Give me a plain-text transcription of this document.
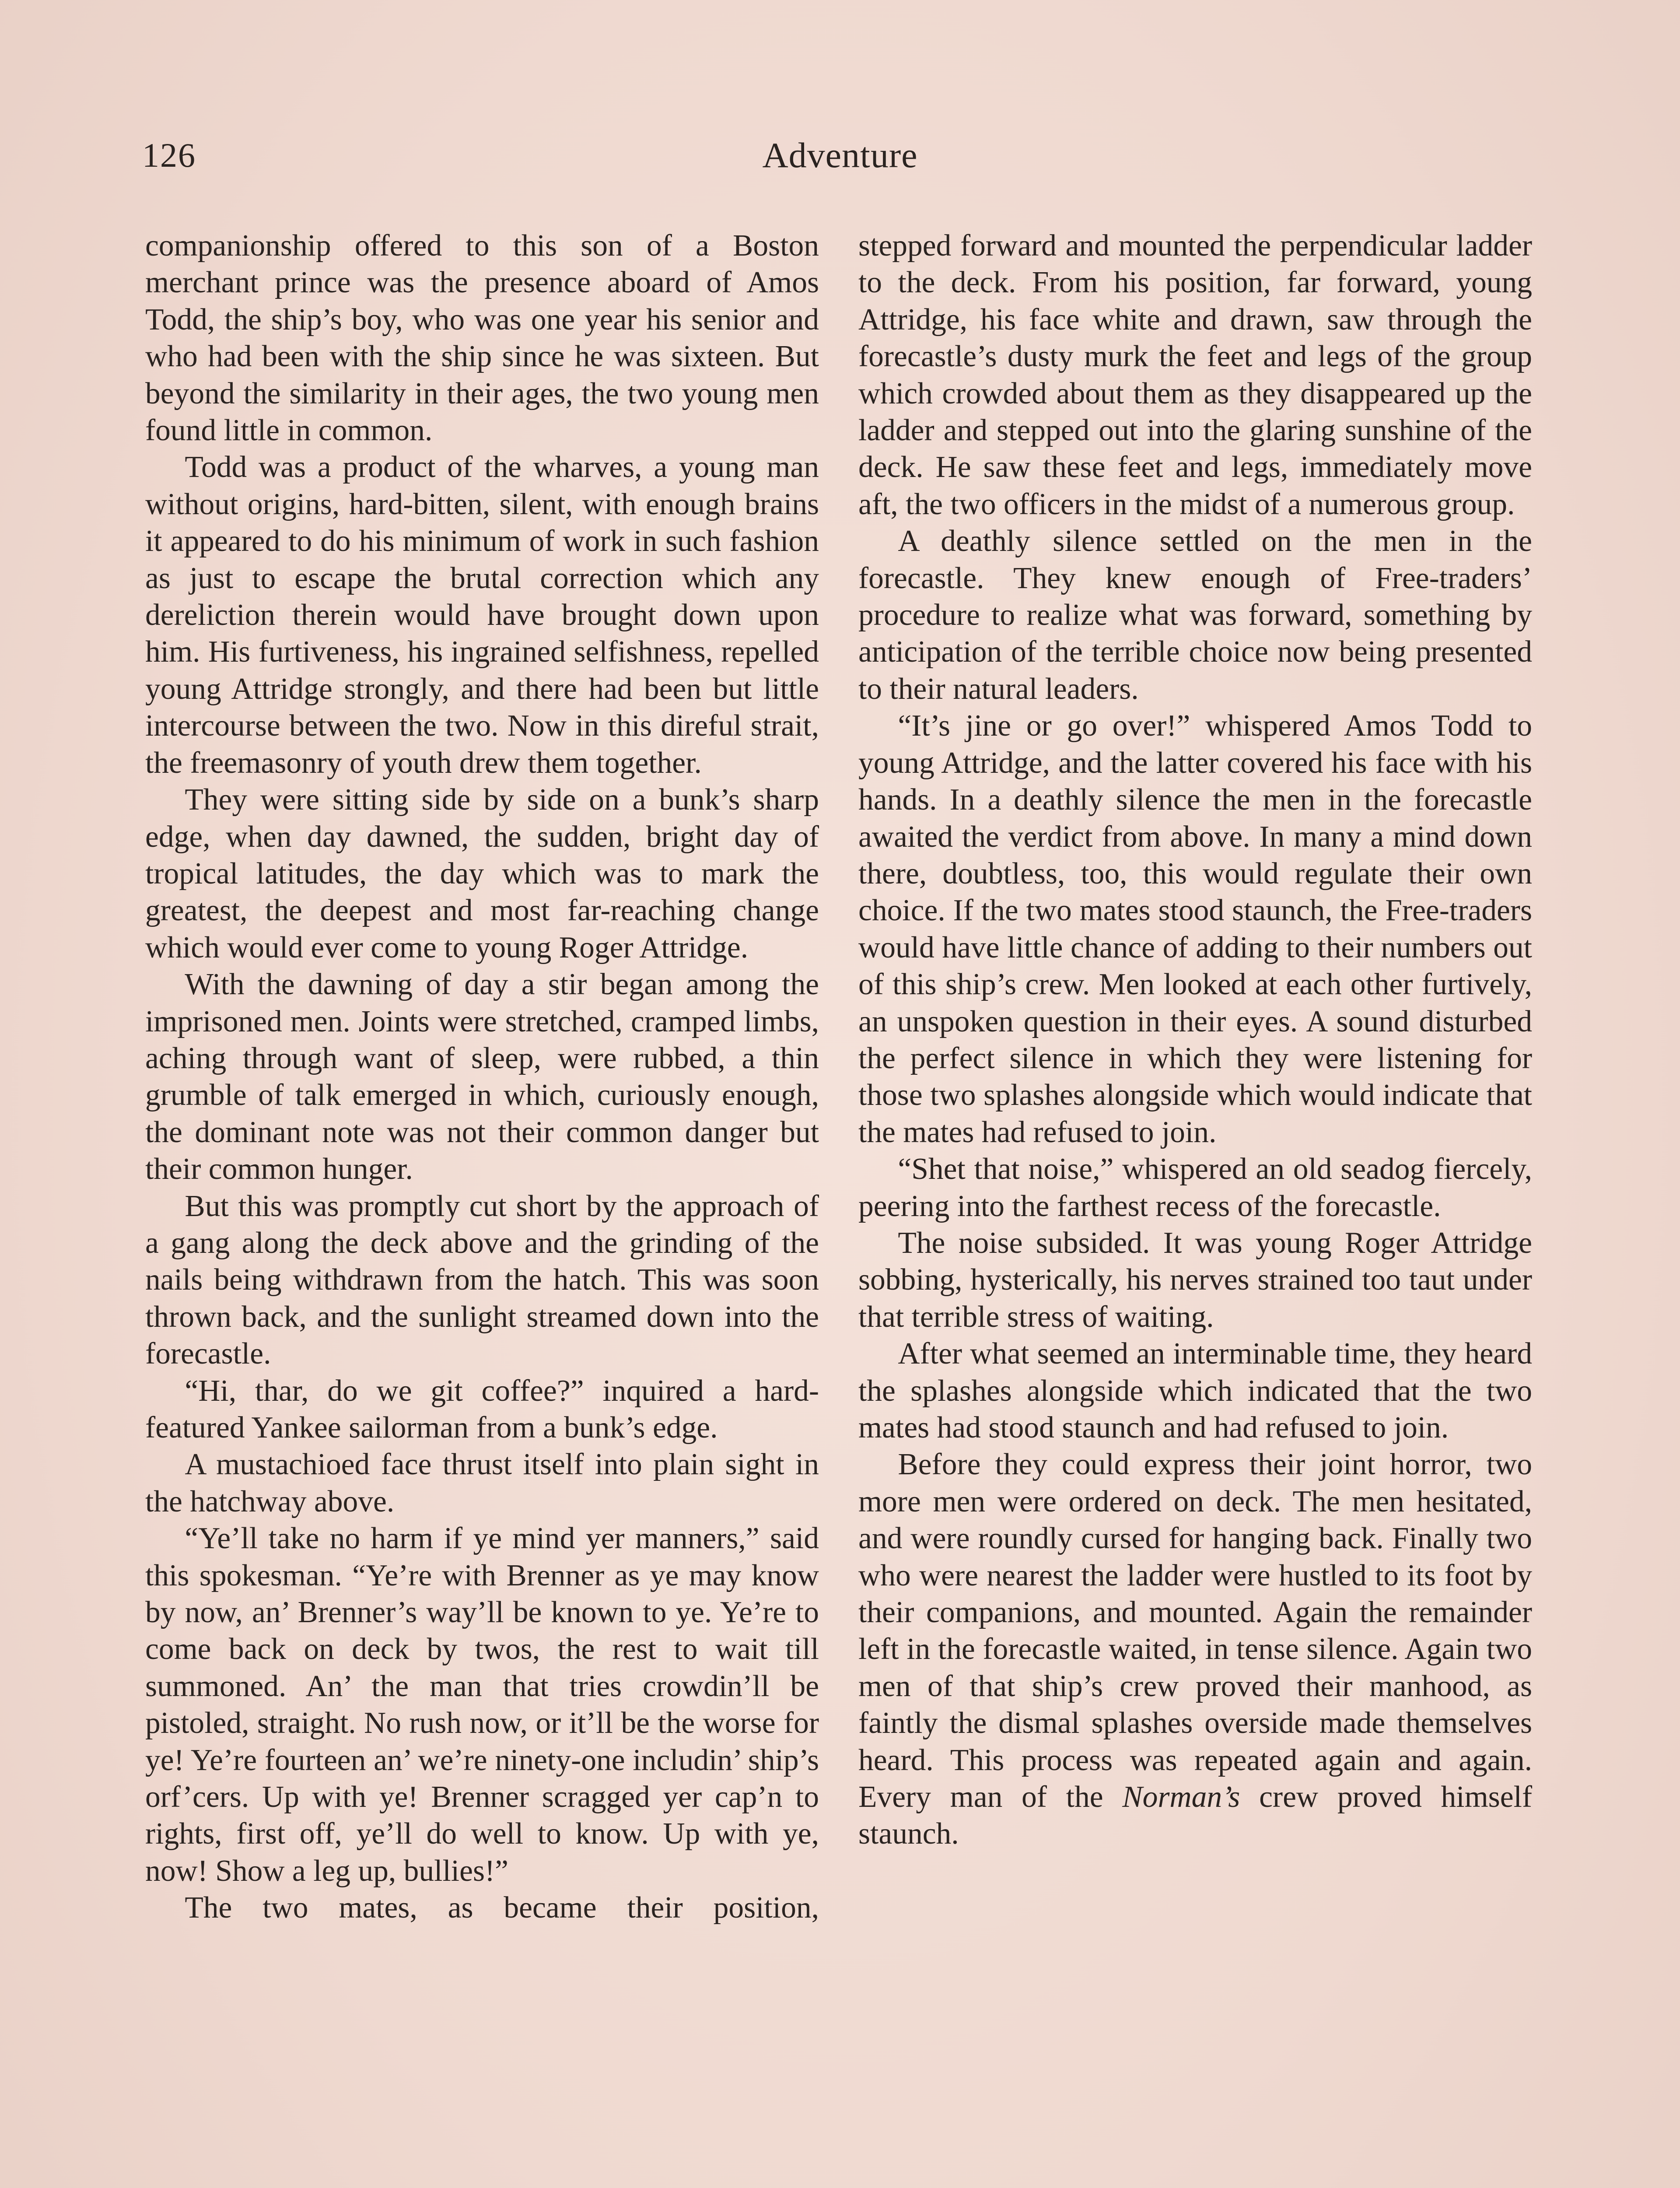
126	Adventure

companionship offered to this son of a Boston merchant prince was the presence aboard of Amos Todd, the ship’s boy, who was one year his senior and who had been with the ship since he was sixteen. But beyond the similarity in their ages, the two young men found little in common.

Todd was a product of the wharves, a young man without origins, hard-bitten, silent, with enough brains it appeared to do his minimum of work in such fashion as just to escape the brutal correction which any dereliction therein would have brought down upon him. His furtiveness, his ingrained selfishness, repelled young Attridge strongly, and there had been but little intercourse between the two. Now in this direful strait, the freemasonry of youth drew them together.

They were sitting side by side on a bunk’s sharp edge, when day dawned, the sudden, bright day of tropical latitudes, the day which was to mark the greatest, the deepest and most far-reaching change which would ever come to young Roger Attridge.

With the dawning of day a stir began among the imprisoned men. Joints were stretched, cramped limbs, aching through want of sleep, were rubbed, a thin grumble of talk emerged in which, curiously enough, the dominant note was not their common danger but their common hunger.

But this was promptly cut short by the approach of a gang along the deck above and the grinding of the nails being withdrawn from the hatch. This was soon thrown back, and the sunlight streamed down into the forecastle.

“Hi, thar, do we git coffee?” inquired a hard-featured Yankee sailorman from a bunk’s edge.

A mustachioed face thrust itself into plain sight in the hatchway above.

“Ye’ll take no harm if ye mind yer manners,” said this spokesman. “Ye’re with Brenner as ye may know by now, an’ Brenner’s way’ll be known to ye. Ye’re to come back on deck by twos, the rest to wait till summoned. An’ the man that tries crowdin’ll be pistoled, straight. No rush now, or it’ll be the worse for ye! Ye’re fourteen an’ we’re ninety-one includin’ ship’s orf’cers. Up with ye! Brenner scragged yer cap’n to rights, first off, ye’ll do well to know. Up with ye, now! Show a leg up, bullies!”

The two mates, as became their position,

stepped forward and mounted the perpendicular ladder to the deck. From his position, far forward, young Attridge, his face white and drawn, saw through the forecastle’s dusty murk the feet and legs of the group which crowded about them as they disappeared up the ladder and stepped out into the glaring sunshine of the deck. He saw these feet and legs, immediately move aft, the two officers in the midst of a numerous group.

A deathly silence settled on the men in the forecastle. They knew enough of Free-traders’ procedure to realize what was forward, something by anticipation of the terrible choice now being presented to their natural leaders.

“It’s jine or go over!” whispered Amos Todd to young Attridge, and the latter covered his face with his hands. In a deathly silence the men in the forecastle awaited the verdict from above. In many a mind down there, doubtless, too, this would regulate their own choice. If the two mates stood staunch, the Free-traders would have little chance of adding to their numbers out of this ship’s crew. Men looked at each other furtively, an unspoken question in their eyes. A sound disturbed the perfect silence in which they were listening for those two splashes alongside which would indicate that the mates had refused to join.

“Shet that noise,” whispered an old seadog fiercely, peering into the farthest recess of the forecastle.

The noise subsided. It was young Roger Attridge sobbing, hysterically, his nerves strained too taut under that terrible stress of waiting.

After what seemed an interminable time, they heard the splashes alongside which indicated that the two mates had stood staunch and had refused to join.

Before they could express their joint horror, two more men were ordered on deck. The men hesitated, and were roundly cursed for hanging back. Finally two who were nearest the ladder were hustled to its foot by their companions, and mounted. Again the remainder left in the forecastle waited, in tense silence. Again two men of that ship’s crew proved their manhood, as faintly the dismal splashes overside made themselves heard. This process was repeated again and again. Every man of the Norman’s crew proved himself staunch.
